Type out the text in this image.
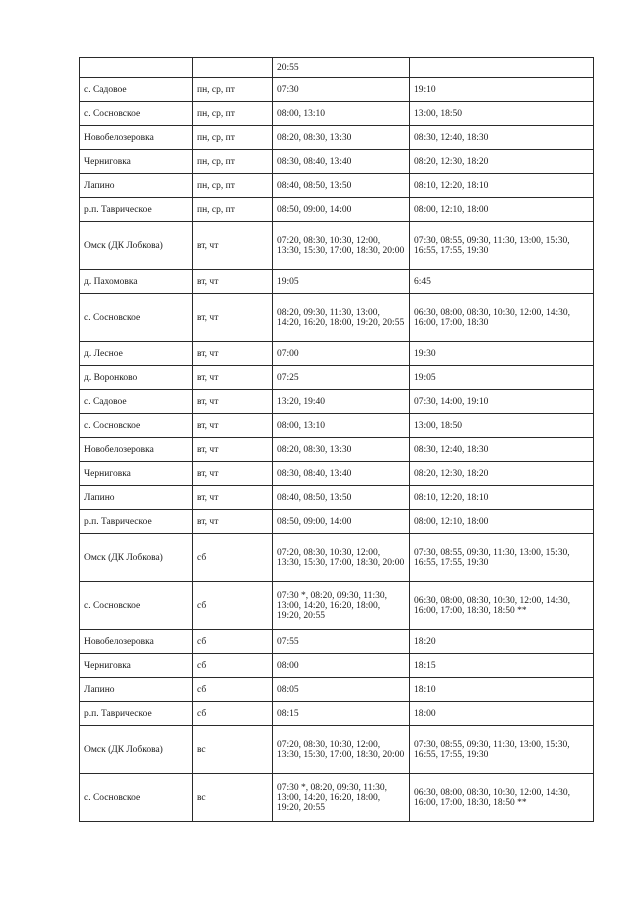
		20:55	
с. Садовое	пн, ср, пт	07:30	19:10
с. Сосновское	пн, ср, пт	08:00, 13:10	13:00, 18:50
Новобелозеровка	пн, ср, пт	08:20, 08:30, 13:30	08:30, 12:40, 18:30
Черниговка	пн, ср, пт	08:30, 08:40, 13:40	08:20, 12:30, 18:20
Лапино	пн, ср, пт	08:40, 08:50, 13:50	08:10, 12:20, 18:10
р.п. Таврическое	пн, ср, пт	08:50, 09:00, 14:00	08:00, 12:10, 18:00
Омск (ДК Лобкова)	вт, чт	07:20, 08:30, 10:30, 12:00, 13:30, 15:30, 17:00, 18:30, 20:00	07:30, 08:55, 09:30, 11:30, 13:00, 15:30, 16:55, 17:55, 19:30
д. Пахомовка	вт, чт	19:05	6:45
с. Сосновское	вт, чт	08:20, 09:30, 11:30, 13:00, 14:20, 16:20, 18:00, 19:20, 20:55	06:30, 08:00, 08:30, 10:30, 12:00, 14:30, 16:00, 17:00, 18:30
д. Лесное	вт, чт	07:00	19:30
д. Воронково	вт, чт	07:25	19:05
с. Садовое	вт, чт	13:20, 19:40	07:30, 14:00, 19:10
с. Сосновское	вт, чт	08:00, 13:10	13:00, 18:50
Новобелозеровка	вт, чт	08:20, 08:30, 13:30	08:30, 12:40, 18:30
Черниговка	вт, чт	08:30, 08:40, 13:40	08:20, 12:30, 18:20
Лапино	вт, чт	08:40, 08:50, 13:50	08:10, 12:20, 18:10
р.п. Таврическое	вт, чт	08:50, 09:00, 14:00	08:00, 12:10, 18:00
Омск (ДК Лобкова)	сб	07:20, 08:30, 10:30, 12:00, 13:30, 15:30, 17:00, 18:30, 20:00	07:30, 08:55, 09:30, 11:30, 13:00, 15:30, 16:55, 17:55, 19:30
с. Сосновское	сб	07:30 *, 08:20, 09:30, 11:30, 13:00, 14:20, 16:20, 18:00, 19:20, 20:55	06:30, 08:00, 08:30, 10:30, 12:00, 14:30, 16:00, 17:00, 18:30, 18:50 **
Новобелозеровка	сб	07:55	18:20
Черниговка	сб	08:00	18:15
Лапино	сб	08:05	18:10
р.п. Таврическое	сб	08:15	18:00
Омск (ДК Лобкова)	вс	07:20, 08:30, 10:30, 12:00, 13:30, 15:30, 17:00, 18:30, 20:00	07:30, 08:55, 09:30, 11:30, 13:00, 15:30, 16:55, 17:55, 19:30
с. Сосновское	вс	07:30 *, 08:20, 09:30, 11:30, 13:00, 14:20, 16:20, 18:00, 19:20, 20:55	06:30, 08:00, 08:30, 10:30, 12:00, 14:30, 16:00, 17:00, 18:30, 18:50 **
